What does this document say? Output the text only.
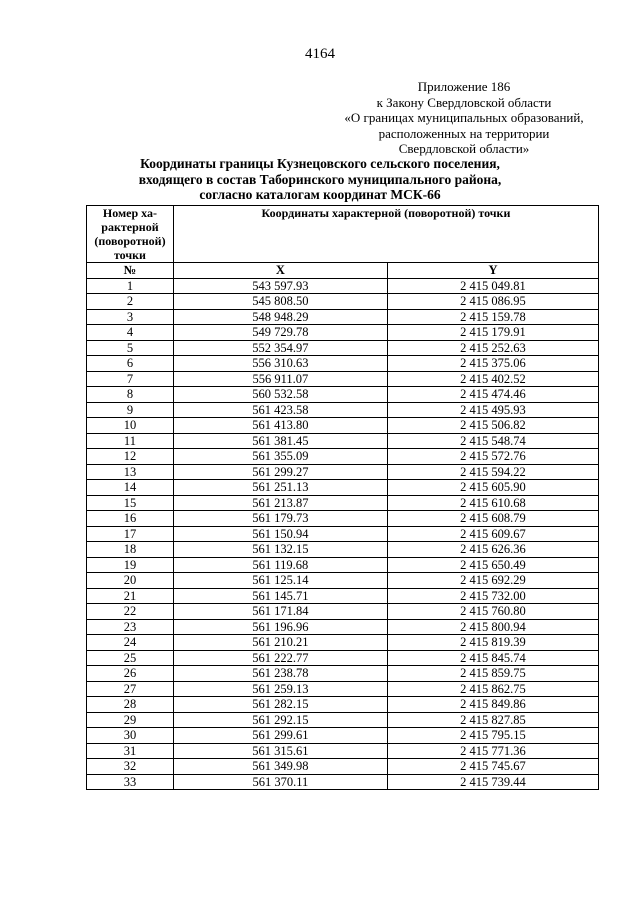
4164
Приложение 186
к Закону Свердловской области
«О границах муниципальных образований,
расположенных на территории
Свердловской области»
Координаты границы Кузнецовского сельского поселения,
входящего в состав Таборинского муниципального района,
согласно каталогам координат МСК-66
Номер ха-
рактерной
(поворотной)
точки	Координаты характерной (поворотной) точки	
№	X	Y
1	543 597.93	2 415 049.81
2	545 808.50	2 415 086.95
3	548 948.29	2 415 159.78
4	549 729.78	2 415 179.91
5	552 354.97	2 415 252.63
6	556 310.63	2 415 375.06
7	556 911.07	2 415 402.52
8	560 532.58	2 415 474.46
9	561 423.58	2 415 495.93
10	561 413.80	2 415 506.82
11	561 381.45	2 415 548.74
12	561 355.09	2 415 572.76
13	561 299.27	2 415 594.22
14	561 251.13	2 415 605.90
15	561 213.87	2 415 610.68
16	561 179.73	2 415 608.79
17	561 150.94	2 415 609.67
18	561 132.15	2 415 626.36
19	561 119.68	2 415 650.49
20	561 125.14	2 415 692.29
21	561 145.71	2 415 732.00
22	561 171.84	2 415 760.80
23	561 196.96	2 415 800.94
24	561 210.21	2 415 819.39
25	561 222.77	2 415 845.74
26	561 238.78	2 415 859.75
27	561 259.13	2 415 862.75
28	561 282.15	2 415 849.86
29	561 292.15	2 415 827.85
30	561 299.61	2 415 795.15
31	561 315.61	2 415 771.36
32	561 349.98	2 415 745.67
33	561 370.11	2 415 739.44
